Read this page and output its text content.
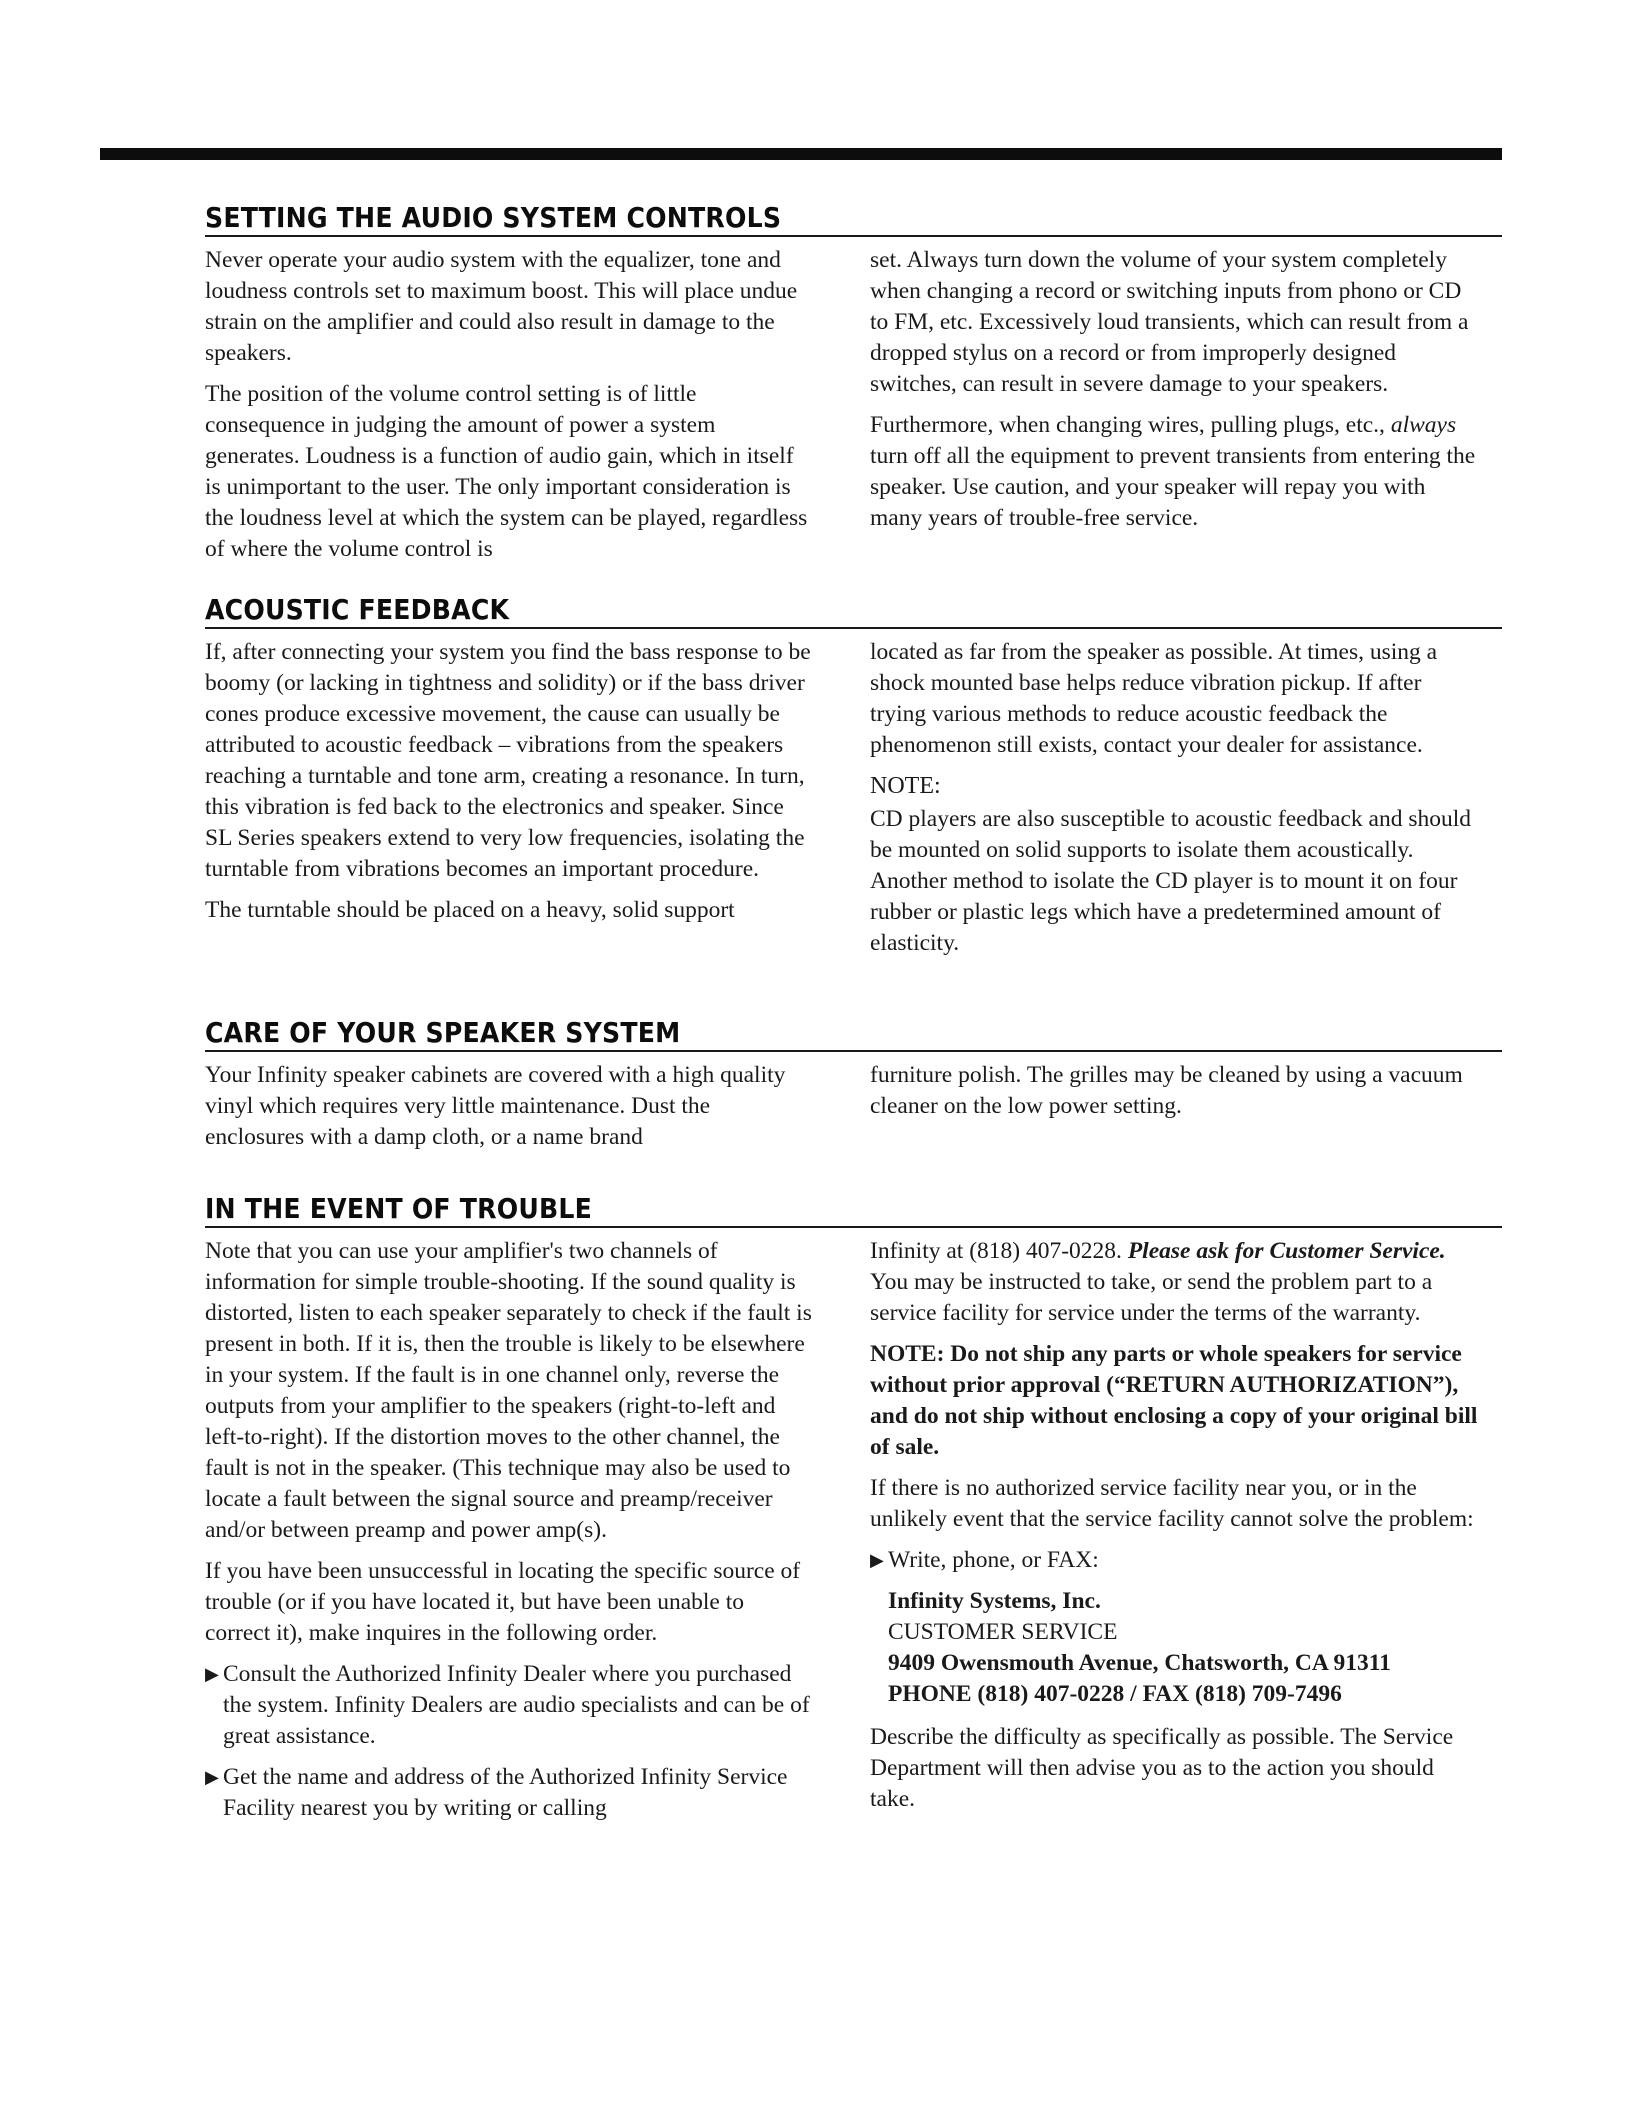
SETTING THE AUDIO SYSTEM CONTROLS

Never operate your audio system with the equalizer, tone and loudness controls set to maximum boost. This will place undue strain on the amplifier and could also result in damage to the speakers.

The position of the volume control setting is of little consequence in judging the amount of power a system generates. Loudness is a function of audio gain, which in itself is unimportant to the user. The only important consideration is the loudness level at which the system can be played, regardless of where the volume control is

set. Always turn down the volume of your system completely when changing a record or switching inputs from phono or CD to FM, etc. Excessively loud transients, which can result from a dropped stylus on a record or from improperly designed switches, can result in severe damage to your speakers.

Furthermore, when changing wires, pulling plugs, etc., always turn off all the equipment to prevent transients from entering the speaker. Use caution, and your speaker will repay you with many years of trouble-free service.

ACOUSTIC FEEDBACK

If, after connecting your system you find the bass response to be boomy (or lacking in tightness and solidity) or if the bass driver cones produce excessive movement, the cause can usually be attributed to acoustic feedback – vibrations from the speakers reaching a turntable and tone arm, creating a resonance. In turn, this vibration is fed back to the electronics and speaker. Since SL Series speakers extend to very low frequencies, isolating the turntable from vibrations becomes an important procedure.

The turntable should be placed on a heavy, solid support

located as far from the speaker as possible. At times, using a shock mounted base helps reduce vibration pickup. If after trying various methods to reduce acoustic feedback the phenomenon still exists, contact your dealer for assistance.

NOTE:

CD players are also susceptible to acoustic feedback and should be mounted on solid supports to isolate them acoustically. Another method to isolate the CD player is to mount it on four rubber or plastic legs which have a predetermined amount of elasticity.

CARE OF YOUR SPEAKER SYSTEM

Your Infinity speaker cabinets are covered with a high quality vinyl which requires very little maintenance. Dust the enclosures with a damp cloth, or a name brand

furniture polish. The grilles may be cleaned by using a vacuum cleaner on the low power setting.

IN THE EVENT OF TROUBLE

Note that you can use your amplifier's two channels of information for simple trouble-shooting. If the sound quality is distorted, listen to each speaker separately to check if the fault is present in both. If it is, then the trouble is likely to be elsewhere in your system. If the fault is in one channel only, reverse the outputs from your amplifier to the speakers (right-to-left and left-to-right). If the distortion moves to the other channel, the fault is not in the speaker. (This technique may also be used to locate a fault between the signal source and preamp/receiver and/or between preamp and power amp(s).

If you have been unsuccessful in locating the specific source of trouble (or if you have located it, but have been unable to correct it), make inquires in the following order.

▶ Consult the Authorized Infinity Dealer where you purchased the system. Infinity Dealers are audio specialists and can be of great assistance.

▶ Get the name and address of the Authorized Infinity Service Facility nearest you by writing or calling

Infinity at (818) 407-0228. Please ask for Customer Service. You may be instructed to take, or send the problem part to a service facility for service under the terms of the warranty.

NOTE: Do not ship any parts or whole speakers for service without prior approval (“RETURN AUTHORIZATION”), and do not ship without enclosing a copy of your original bill of sale.

If there is no authorized service facility near you, or in the unlikely event that the service facility cannot solve the problem:

▶ Write, phone, or FAX:

Infinity Systems, Inc.
CUSTOMER SERVICE
9409 Owensmouth Avenue, Chatsworth, CA 91311
PHONE (818) 407-0228 / FAX (818) 709-7496

Describe the difficulty as specifically as possible. The Service Department will then advise you as to the action you should take.
